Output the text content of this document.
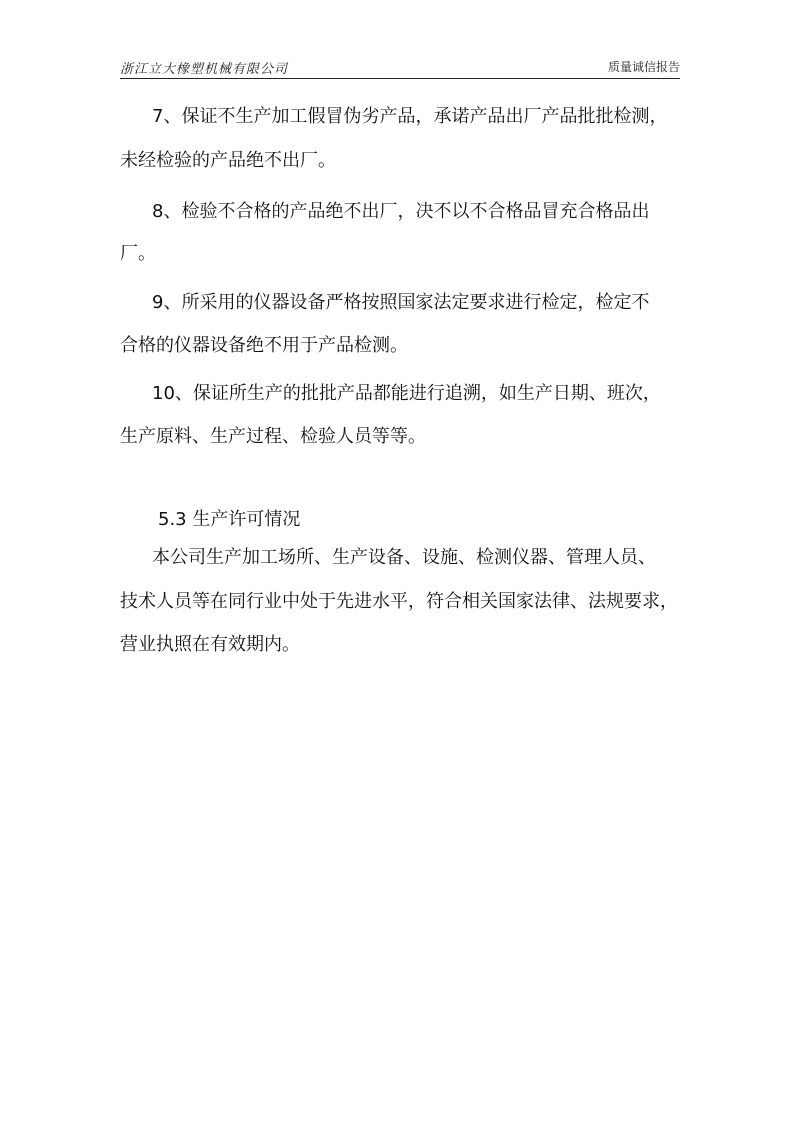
浙江立大橡塑机械有限公司	质量诚信报告
7、保证不生产加工假冒伪劣产品，承诺产品出厂产品批批检测，
未经检验的产品绝不出厂。
8、检验不合格的产品绝不出厂，决不以不合格品冒充合格品出
厂。
9、所采用的仪器设备严格按照国家法定要求进行检定，检定不
合格的仪器设备绝不用于产品检测。
10、保证所生产的批批产品都能进行追溯，如生产日期、班次，
生产原料、生产过程、检验人员等等。
5.3 生产许可情况
本公司生产加工场所、生产设备、设施、检测仪器、管理人员、
技术人员等在同行业中处于先进水平，符合相关国家法律、法规要求，
营业执照在有效期内。
